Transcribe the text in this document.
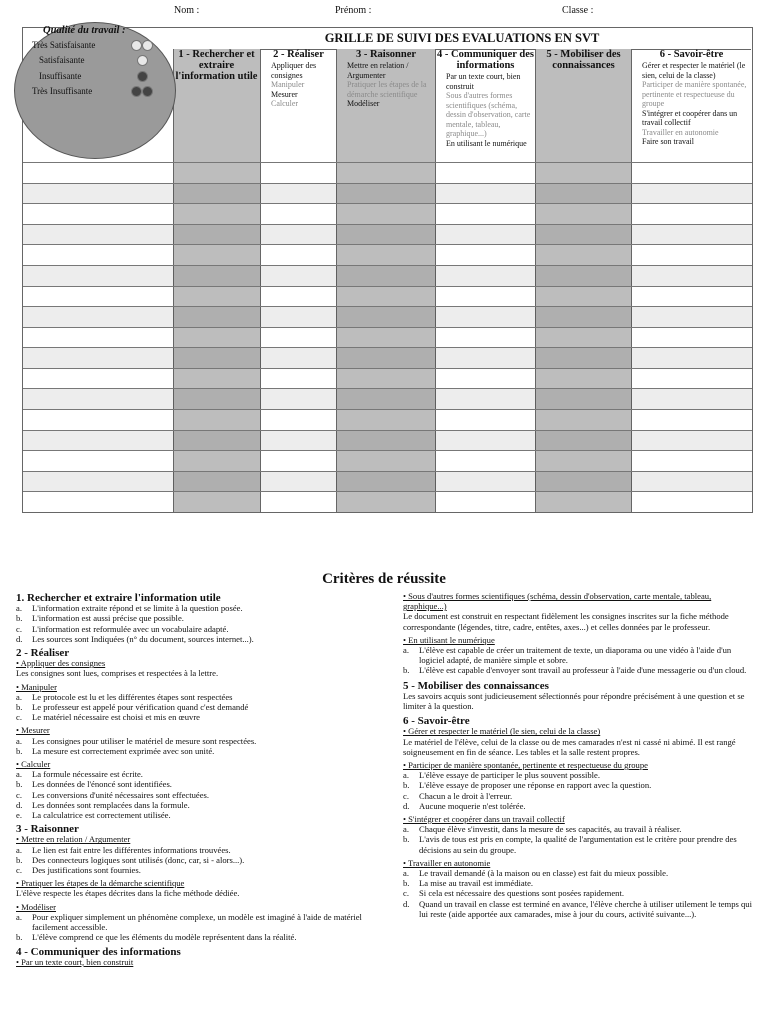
Nom :	Prénom :	Classe :
Qualité du travail :
Très Satisfaisante
Satisfaisante
Insuffisante
Très Insuffisante
GRILLE DE SUIVI DES EVALUATIONS EN SVT
1 - Rechercher et extraire l'information utile
2 - Réaliser
• Appliquer des consignes
• Manipuler
• Mesurer
• Calculer
3 - Raisonner
• Mettre en relation / Argumenter
• Pratiquer les étapes de la démarche scientifique
• Modéliser
4 - Communiquer des informations
• Par un texte court, bien construit
• Sous d'autres formes scientifiques (schéma, dessin d'observation, carte mentale, tableau, graphique...)
• En utilisant le numérique
5 - Mobiliser des connaissances
6 - Savoir-être
• Gérer et respecter le matériel (le sien, celui de la classe)
• Participer de manière spontanée, pertinente et respectueuse du groupe
• S'intégrer et coopérer dans un travail collectif
• Travailler en autonomie
• Faire son travail
Critères de réussite
1. Rechercher et extraire l'information utile
a. L'information extraite répond et se limite à la question posée.
b. L'information est aussi précise que possible.
c. L'information est reformulée avec un vocabulaire adapté.
d. Les sources sont Indiquées (n° du document, sources internet...).
2 - Réaliser
• Appliquer des consignes

Les consignes sont lues, comprises et respectées à la lettre.

• Manipuler
a. Le protocole est lu et les différentes étapes sont respectées
b. Le professeur est appelé pour vérification quand c'est demandé
c. Le matériel nécessaire est choisi et mis en œuvre
• Mesurer
a. Les consignes pour utiliser le matériel de mesure sont respectées.
b. La mesure est correctement exprimée avec son unité.
• Calculer
a. La formule nécessaire est écrite.
b. Les données de l'énoncé sont identifiées.
c. Les conversions d'unité nécessaires sont effectuées.
d. Les données sont remplacées dans la formule.
e. La calculatrice est correctement utilisée.
3 - Raisonner
• Mettre en relation / Argumenter
a. Le lien est fait entre les différentes informations trouvées.
b. Des connecteurs logiques sont utilisés (donc, car, si - alors...).
c. Des justifications sont fournies.
• Pratiquer les étapes de la démarche scientifique

L'élève respecte les étapes décrites dans la fiche méthode dédiée.

• Modéliser
a. Pour expliquer simplement un phénomène complexe, un modèle est imaginé à l'aide de matériel facilement accessible.
b. L'élève comprend ce que les éléments du modèle représentent dans la réalité.
4 - Communiquer des informations
• Par un texte court, bien construit
• Sous d'autres formes scientifiques (schéma, dessin d'observation, carte mentale, tableau, graphique...)

Le document est construit en respectant fidèlement les consignes inscrites sur la fiche méthode correspondante (légendes, titre, cadre, entêtes, axes...) et celles données par le professeur.

• En utilisant le numérique
a. L'élève est capable de créer un traitement de texte, un diaporama ou une vidéo à l'aide d'un logiciel adapté, de manière simple et sobre.
b. L'élève est capable d'envoyer sont travail au professeur à l'aide d'une messagerie ou d'un cloud.
5 - Mobiliser des connaissances

Les savoirs acquis sont judicieusement sélectionnés pour répondre précisément à une question et se limiter à la question.

6 - Savoir-être
• Gérer et respecter le matériel (le sien, celui de la classe)

Le matériel de l'élève, celui de la classe ou de mes camarades n'est ni cassé ni abimé. Il est rangé soigneusement en fin de séance. Les tables et la salle restent propres.

• Participer de manière spontanée, pertinente et respectueuse du groupe
a. L'élève essaye de participer le plus souvent possible.
b. L'élève essaye de proposer une réponse en rapport avec la question.
c. Chacun a le droit à l'erreur.
d. Aucune moquerie n'est tolérée.
• S'intégrer et coopérer dans un travail collectif
a. Chaque élève s'investit, dans la mesure de ses capacités, au travail à réaliser.
b. L'avis de tous est pris en compte, la qualité de l'argumentation est le critère pour prendre des décisions au sein du groupe.
• Travailler en autonomie
a. Le travail demandé (à la maison ou en classe) est fait du mieux possible.
b. La mise au travail est immédiate.
c. Si cela est nécessaire des questions sont posées rapidement.
d. Quand un travail en classe est terminé en avance, l'élève cherche à utiliser utilement le temps qui lui reste (aide apportée aux camarades, mise à jour du cours, activité suivante...).
